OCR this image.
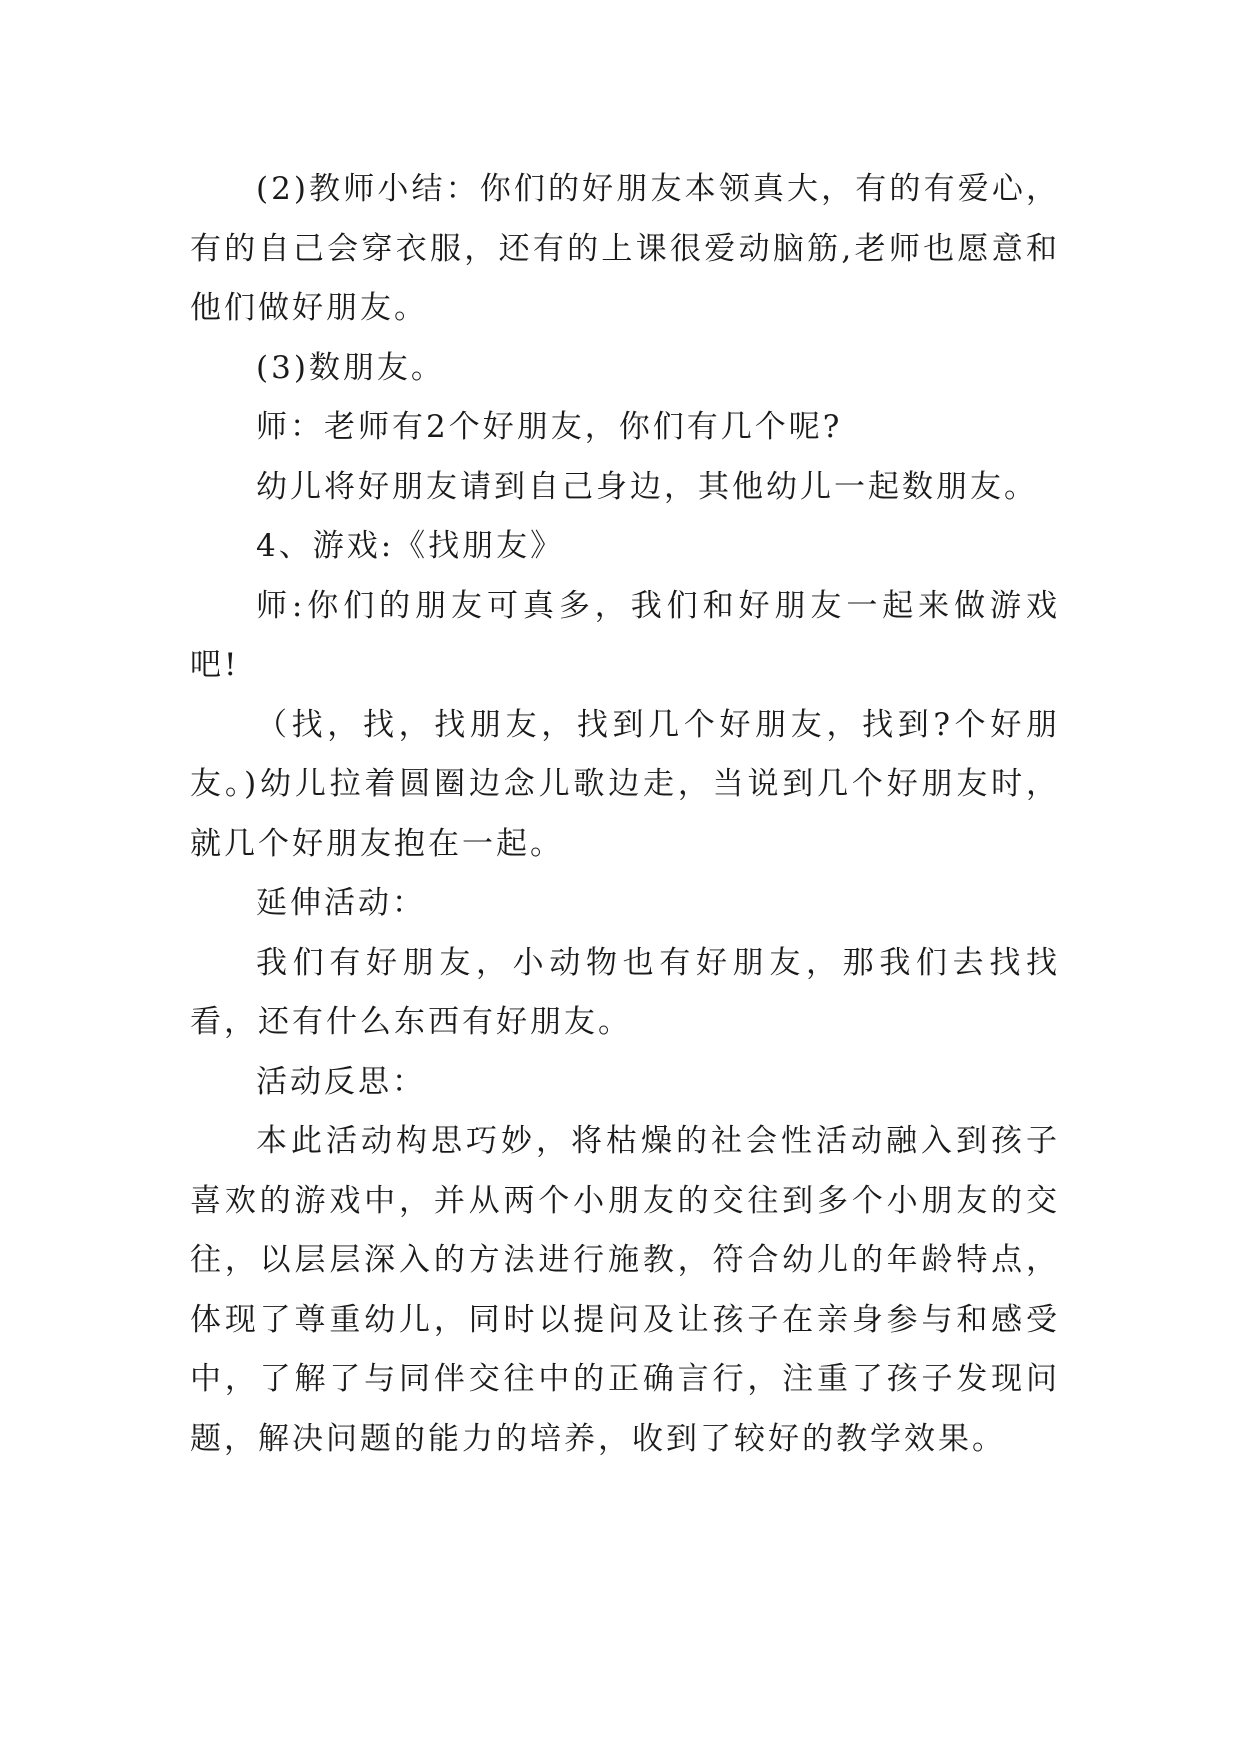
(2)教师小结：你们的好朋友本领真大，有的有爱心，有的自己会穿衣服，还有的上课很爱动脑筋,老师也愿意和他们做好朋友。

(3)数朋友。

师：老师有2个好朋友，你们有几个呢?

幼儿将好朋友请到自己身边，其他幼儿一起数朋友。

4、游戏:《找朋友》

师:你们的朋友可真多，我们和好朋友一起来做游戏吧!

（找，找，找朋友，找到几个好朋友，找到?个好朋友。)幼儿拉着圆圈边念儿歌边走，当说到几个好朋友时，就几个好朋友抱在一起。

延伸活动：

我们有好朋友，小动物也有好朋友，那我们去找找看，还有什么东西有好朋友。

活动反思：

本此活动构思巧妙，将枯燥的社会性活动融入到孩子喜欢的游戏中，并从两个小朋友的交往到多个小朋友的交往，以层层深入的方法进行施教，符合幼儿的年龄特点，体现了尊重幼儿，同时以提问及让孩子在亲身参与和感受中，了解了与同伴交往中的正确言行，注重了孩子发现问题，解决问题的能力的培养，收到了较好的教学效果。
